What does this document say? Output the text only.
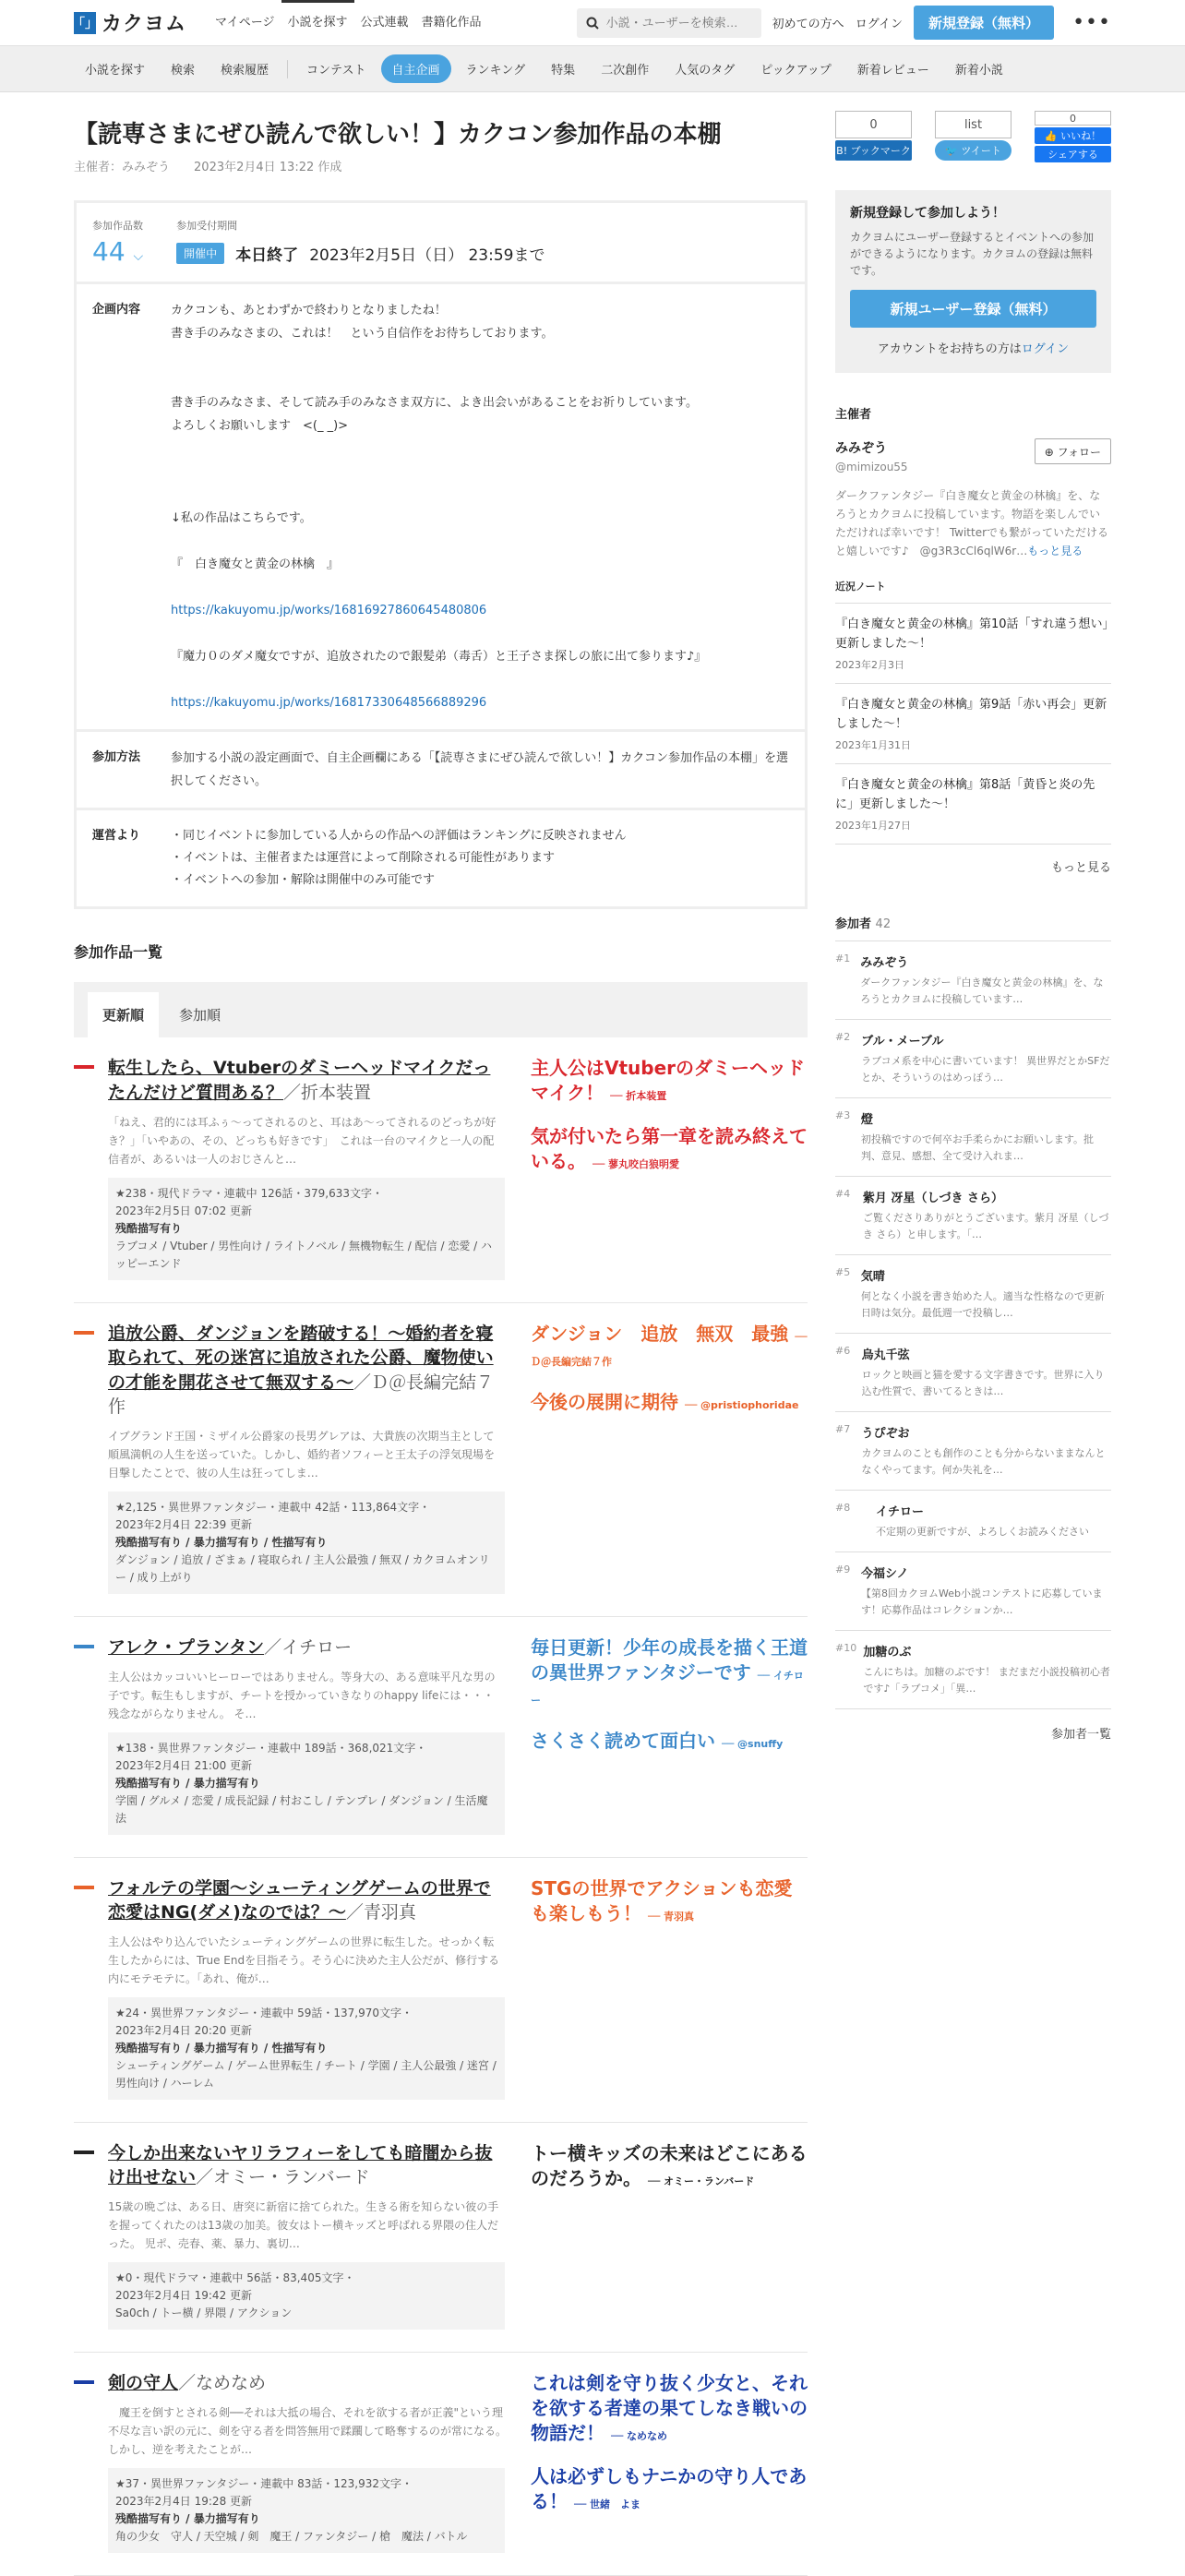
「」 カクヨム	マイページ	小説を探す	公式連載	書籍化作品
小説・ユーザーを検索…	初めての方へ ログイン	新規登録（無料）	•••
小説を探す	検索	検索履歴	コンテスト	自主企画	ランキング	特集	二次創作	人気のタグ	ピックアップ	新着レビュー	新着小説
【読専さまにぜひ読んで欲しい！】カクコン参加作品の本棚
主催者：みみぞう　　 2023年2月4日 13:22 作成
参加作品数
44 ⌵
参加受付期間
開催中	本日終了 2023年2月5日（日） 23:59まで
企画内容	カクコンも、あとわずかで終わりとなりましたね！
書き手のみなさまの、これは！　という自信作をお待ちしております。
書き手のみなさま、そして読み手のみなさま双方に、よき出会いがあることをお祈りしています。
よろしくお願いします　<(_ _)>
↓私の作品はこちらです。
『　白き魔女と黄金の林檎　』
https://kakuyomu.jp/works/16816927860645480806
『魔力０のダメ魔女ですが、追放されたので銀髪弟（毒舌）と王子さま探しの旅に出て参ります♪』
https://kakuyomu.jp/works/16817330648566889296
参加方法	参加する小説の設定画面で、自主企画欄にある「【読専さまにぜひ読んで欲しい！】カクコン参加作品の本棚」を選択してください。
運営より	・同じイベントに参加している人からの作品への評価はランキングに反映されません
・イベントは、主催者または運営によって削除される可能性があります
・イベントへの参加・解除は開催中のみ可能です
参加作品一覧
更新順	参加順
転生したら、Vtuberのダミーヘッドマイクだったんだけど質問ある？／折本装置
「ねえ、君的には耳ふぅ～ってされるのと、耳はあ～ってされるのどっちが好き？」「いやあの、その、どっちも好きです」　これは一台のマイクと一人の配信者が、あるいは一人のおじさんと…
★238・現代ドラマ・連載中 126話・379,633文字・
2023年2月5日 07:02 更新
残酷描写有り
ラブコメ / Vtuber / 男性向け / ライトノベル / 無機物転生 / 配信 / 恋愛 / ハッピーエンド
主人公はVtuberのダミーヘッドマイク！ ── 折本装置
気が付いたら第一章を読み終えている。 ── 蓼丸咬白狼明愛
追放公爵、ダンジョンを踏破する！～婚約者を寝取られて、死の迷宮に追放された公爵、魔物使いの才能を開花させて無双する～／Ｄ＠長編完結７作
イブグランド王国・ミザイル公爵家の長男グレアは、大貴族の次期当主として順風満帆の人生を送っていた。しかし、婚約者ソフィーと王太子の浮気現場を目撃したことで、彼の人生は狂ってしま…
★2,125・異世界ファンタジー・連載中 42話・113,864文字・
2023年2月4日 22:39 更新
残酷描写有り / 暴力描写有り / 性描写有り
ダンジョン / 追放 / ざまぁ / 寝取られ / 主人公最強 / 無双 / カクヨムオンリー / 成り上がり
ダンジョン　追放　無双　最強 ── Ｄ＠長編完結７作
今後の展開に期待 ── @pristiophoridae
アレク・プランタン／イチロー
主人公はカッコいいヒーローではありません。等身大の、ある意味平凡な男の子です。転生もしますが、チートを授かっていきなりのhappy lifeには・・・残念ながらなりません。 そ…
★138・異世界ファンタジー・連載中 189話・368,021文字・
2023年2月4日 21:00 更新
残酷描写有り / 暴力描写有り
学園 / グルメ / 恋愛 / 成長記録 / 村おこし / テンプレ / ダンジョン / 生活魔法
毎日更新！少年の成長を描く王道の異世界ファンタジーです ── イチロー
さくさく読めて面白い ── @snuffy
フォルテの学園～シューティングゲームの世界で恋愛はNG(ダメ)なのでは？～／青羽真
主人公はやり込んでいたシューティングゲームの世界に転生した。せっかく転生したからには、True Endを目指そう。そう心に決めた主人公だが、修行する内にモテモテに。「あれ、俺が…
★24・異世界ファンタジー・連載中 59話・137,970文字・
2023年2月4日 20:20 更新
残酷描写有り / 暴力描写有り / 性描写有り
シューティングゲーム / ゲーム世界転生 / チート / 学園 / 主人公最強 / 迷宮 / 男性向け / ハーレム
STGの世界でアクションも恋愛も楽しもう！ ── 青羽真
今しか出来ないヤリラフィーをしても暗闇から抜け出せない／オミー・ランバード
15歳の晩ごは、ある日、唐突に新宿に捨てられた。生きる術を知らない彼の手を握ってくれたのは13歳の加美。彼女はトー横キッズと呼ばれる界隈の住人だった。 児ポ、売春、薬、暴力、裏切…
★0・現代ドラマ・連載中 56話・83,405文字・
2023年2月4日 19:42 更新
Sa0ch / トー横 / 界隈 / アクション
トー横キッズの未来はどこにあるのだろうか。 ── オミー・ランバード
剣の守人／なめなめ
　魔王を倒すとされる剣──それは大抵の場合、それを欲する者が正義"という理不尽な言い訳の元に、剣を守る者を問答無用で蹂躙して略奪するのが常になる。　しかし、逆を考えたことが…
★37・異世界ファンタジー・連載中 83話・123,932文字・
2023年2月4日 19:28 更新
残酷描写有り / 暴力描写有り
角の少女　守人 / 天空城 / 剣　魔王 / ファンタジー / 槍　魔法 / バトル
これは剣を守り抜く少女と、それを欲する者達の果てしなき戦いの物語だ！ ── なめなめ
人は必ずしもナニかの守り人である！ ── 世緒　よま
0
B! ブックマーク
list
🐦
ツイート
0
👍
いいね！
シェアする
新規登録して参加しよう！
カクヨムにユーザー登録するとイベントへの参加ができるようになります。カクヨムの登録は無料です。
新規ユーザー登録（無料）
アカウントをお持ちの方はログイン
主催者
みみぞう
@mimizou55
⊕ フォロー
ダークファンタジー『白き魔女と黄金の林檎』を、なろうとカクヨムに投稿しています。物語を楽しんでいただければ幸いです！ Twitterでも繋がっていただけると嬉しいです♪　@g3R3cCl6qlW6r…もっと見る
近況ノート
『白き魔女と黄金の林檎』第10話「すれ違う想い」更新しました～！
2023年2月3日
『白き魔女と黄金の林檎』第9話「赤い再会」更新しました～！
2023年1月31日
『白き魔女と黄金の林檎』第8話「黄昏と炎の先に」更新しました～！
2023年1月27日
もっと見る
参加者 42
#1 みみぞう
ダークファンタジー『白き魔女と黄金の林檎』を、なろうとカクヨムに投稿しています…
#2 ブル・メーブル
ラブコメ系を中心に書いています！ 異世界だとかSFだとか、そういうのはめっぽう…
#3 燈
初投稿ですので何卒お手柔らかにお願いします。批判、意見、感想、全て受け入れま…
#4	紫月 冴星（しづき さら）
ご覧くださりありがとうございます。紫月 冴星（しづき さら）と申します。「…
#5 気晴
何となく小説を書き始めた人。適当な性格なので更新日時は気分。最低週一で投稿し…
#6 烏丸千弦
ロックと映画と猫を愛する文字書きです。世界に入り込む性質で、書いてるときは…
#7 うぴぞお
カクヨムのことも創作のことも分からないままなんとなくやってます。何か失礼を…
#8	イチロー
不定期の更新ですが、よろしくお読みください
#9 今福シノ
【第8回カクヨムWeb小説コンテストに応募しています！応募作品はコレクションか…
#10 加糖のぶ
こんにちは。加糖のぶです！ まだまだ小説投稿初心者です♪「ラブコメ」「異…
参加者一覧
